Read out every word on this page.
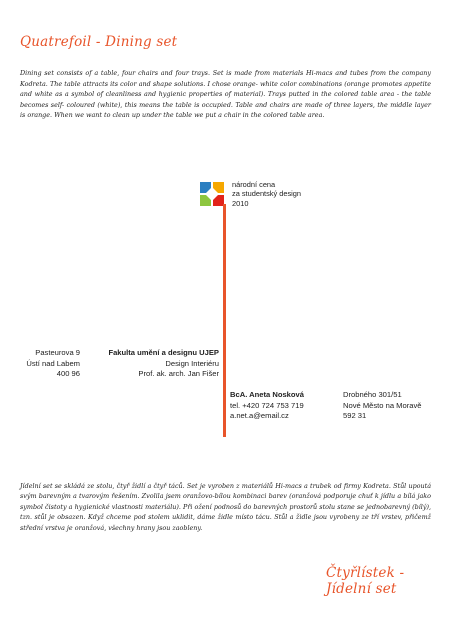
Quatrefoil - Dining set
Dining set consists of a table, four chairs and four trays. Set is made from materials Hi-macs and tubes from the company Kodreta. The table attracts its color and shape solutions. I chose orange- white color combinations (orange promotes appetite and white as a symbol of cleanliness and hygienic properties of material). Trays putted in the colored table area - the table becomes self- coloured (white), this means the table is occupied. Table and chairs are made of three layers, the middle layer is orange. When we want to clean up under the table we put a chair in the colored table area.
národní cena
za studentský design
2010
Pasteurova 9
Ústí nad Labem
400 96
Fakulta umění a designu UJEP
Design Interiéru
Prof. ak. arch. Jan Fišer
BcA. Aneta Nosková
tel. +420 724 753 719
a.net.a@email.cz
Drobného 301/51
Nové Město na Moravě
592 31
Jídelní set se skládá ze stolu, čtyř židlí a čtyř táců. Set je vyroben z materiálů Hi-macs a trubek od firmy Kodreta. Stůl upoutá svým barevným a tvarovým řešením. Zvolila jsem oranžovo-bílou kombinaci barev (oranžová podporuje chuť k jídlu a bílá jako symbol čistoty a hygienické vlastnosti materiálu). Při ožení podnosů do barevných prostorů stolu stane se jednobarevný (bílý), tzn. stůl je obsazen. Když chceme pod stolem uklidit, dáme židle místo tácu. Stůl a židle jsou vyrobeny ze tří vrstev, přičemž střední vrstva je oranžová, všechny hrany jsou zaobleny.
Čtyřlístek - Jídelní set
